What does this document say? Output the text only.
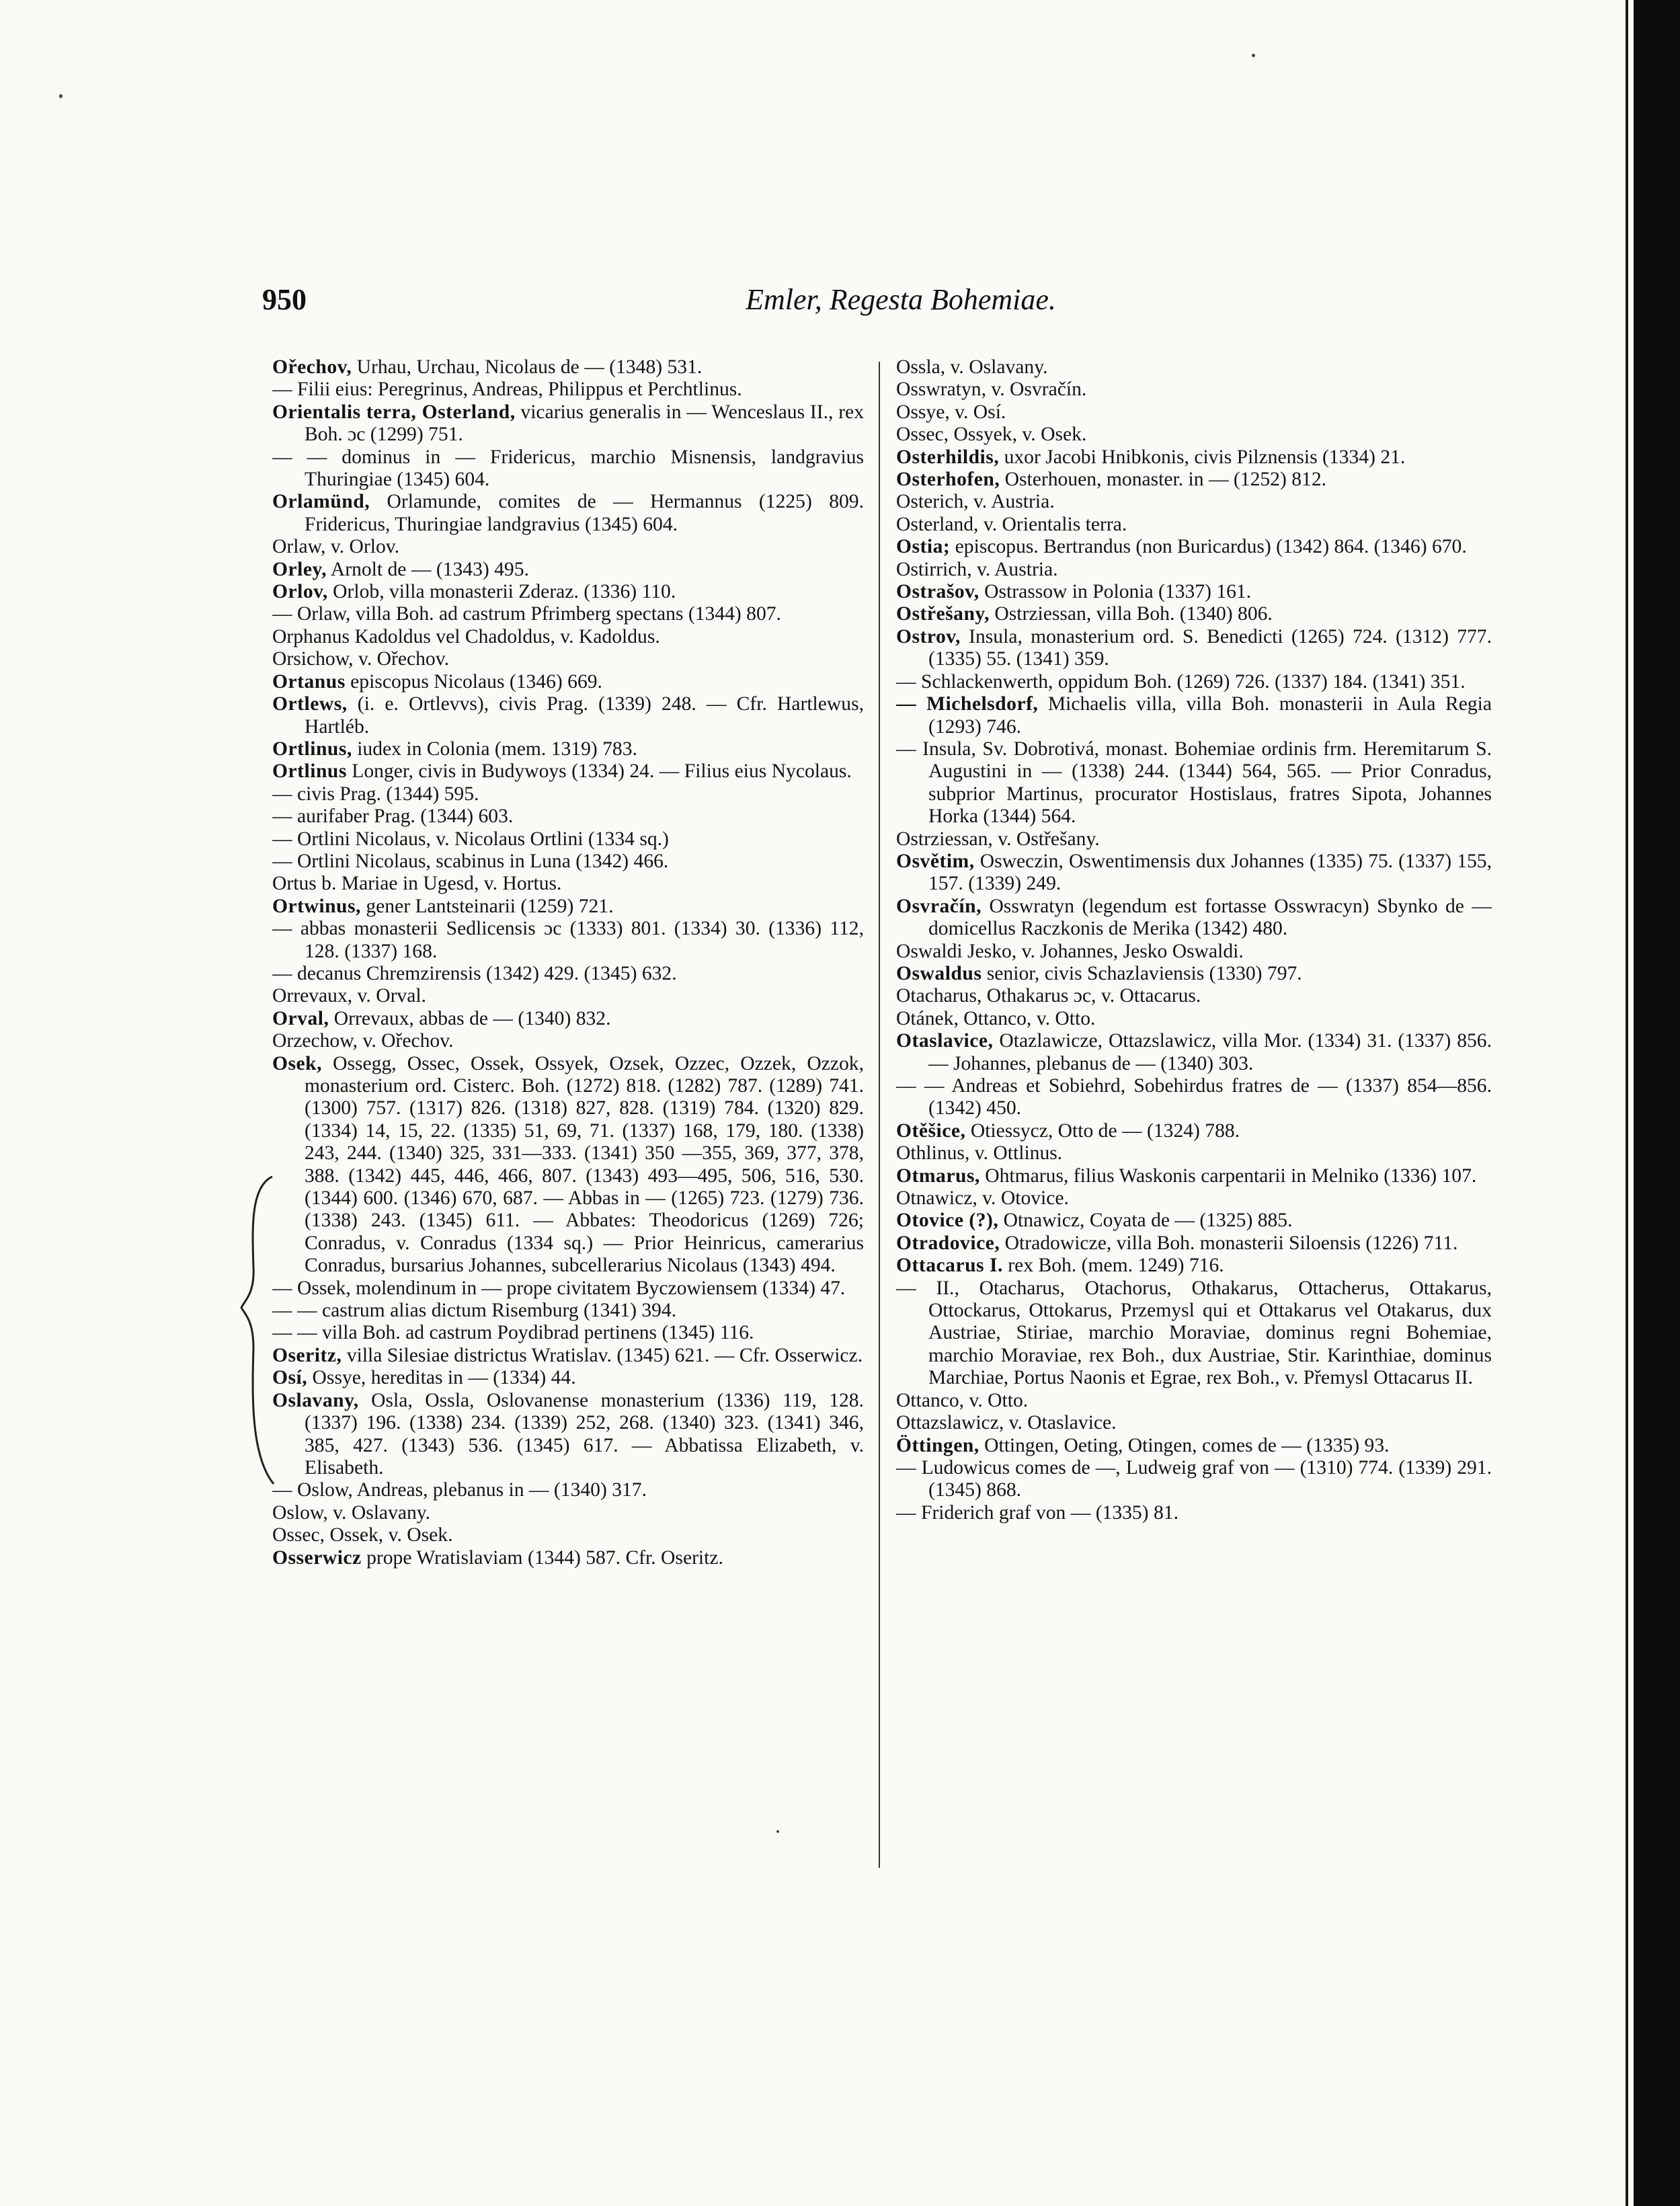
950	Emler, Regesta Bohemiae.

Ořechov, Urhau, Urchau, Nicolaus de — (1348) 531.

— Filii eius: Peregrinus, Andreas, Philippus et Perchtlinus.

Orientalis terra, Osterland, vicarius generalis in — Wenceslaus II., rex Boh. ɔc (1299) 751.

— — dominus in — Fridericus, marchio Misnensis, landgravius Thuringiae (1345) 604.

Orlamünd, Orlamunde, comites de — Hermannus (1225) 809. Fridericus, Thuringiae landgravius (1345) 604.

Orlaw, v. Orlov.

Orley, Arnolt de — (1343) 495.

Orlov, Orlob, villa monasterii Zderaz. (1336) 110.

— Orlaw, villa Boh. ad castrum Pfrimberg spectans (1344) 807.

Orphanus Kadoldus vel Chadoldus, v. Kadoldus.

Orsichow, v. Ořechov.

Ortanus episcopus Nicolaus (1346) 669.

Ortlews, (i. e. Ortlevvs), civis Prag. (1339) 248. — Cfr. Hartlewus, Hartléb.

Ortlinus, iudex in Colonia (mem. 1319) 783.

Ortlinus Longer, civis in Budywoys (1334) 24. — Filius eius Nycolaus.

— civis Prag. (1344) 595.

— aurifaber Prag. (1344) 603.

— Ortlini Nicolaus, v. Nicolaus Ortlini (1334 sq.)

— Ortlini Nicolaus, scabinus in Luna (1342) 466.

Ortus b. Mariae in Ugesd, v. Hortus.

Ortwinus, gener Lantsteinarii (1259) 721.

— abbas monasterii Sedlicensis ɔc (1333) 801. (1334) 30. (1336) 112, 128. (1337) 168.

— decanus Chremzirensis (1342) 429. (1345) 632.

Orrevaux, v. Orval.

Orval, Orrevaux, abbas de — (1340) 832.

Orzechow, v. Ořechov.

Osek, Ossegg, Ossec, Ossek, Ossyek, Ozsek, Ozzec, Ozzek, Ozzok, monasterium ord. Cisterc. Boh. (1272) 818. (1282) 787. (1289) 741. (1300) 757. (1317) 826. (1318) 827, 828. (1319) 784. (1320) 829. (1334) 14, 15, 22. (1335) 51, 69, 71. (1337) 168, 179, 180. (1338) 243, 244. (1340) 325, 331—333. (1341) 350 —355, 369, 377, 378, 388. (1342) 445, 446, 466, 807. (1343) 493—495, 506, 516, 530. (1344) 600. (1346) 670, 687. — Abbas in — (1265) 723. (1279) 736. (1338) 243. (1345) 611. — Abbates: Theodoricus (1269) 726; Conradus, v. Conradus (1334 sq.) — Prior Heinricus, camerarius Conradus, bursarius Johannes, subcellerarius Nicolaus (1343) 494.

— Ossek, molendinum in — prope civitatem Byczowiensem (1334) 47.

— — castrum alias dictum Risemburg (1341) 394.

— — villa Boh. ad castrum Poydibrad pertinens (1345) 116.

Oseritz, villa Silesiae districtus Wratislav. (1345) 621. — Cfr. Osserwicz.

Osí, Ossye, hereditas in — (1334) 44.

Oslavany, Osla, Ossla, Oslovanense monasterium (1336) 119, 128. (1337) 196. (1338) 234. (1339) 252, 268. (1340) 323. (1341) 346, 385, 427. (1343) 536. (1345) 617. — Abbatissa Elizabeth, v. Elisabeth.

— Oslow, Andreas, plebanus in — (1340) 317.

Oslow, v. Oslavany.

Ossec, Ossek, v. Osek.

Osserwicz prope Wratislaviam (1344) 587. Cfr. Oseritz.

Ossla, v. Oslavany.

Osswratyn, v. Osvračín.

Ossye, v. Osí.

Ossec, Ossyek, v. Osek.

Osterhildis, uxor Jacobi Hnibkonis, civis Pilznensis (1334) 21.

Osterhofen, Osterhouen, monaster. in — (1252) 812.

Osterich, v. Austria.

Osterland, v. Orientalis terra.

Ostia; episcopus. Bertrandus (non Buricardus) (1342) 864. (1346) 670.

Ostirrich, v. Austria.

Ostrašov, Ostrassow in Polonia (1337) 161.

Ostřešany, Ostrziessan, villa Boh. (1340) 806.

Ostrov, Insula, monasterium ord. S. Benedicti (1265) 724. (1312) 777. (1335) 55. (1341) 359.

— Schlackenwerth, oppidum Boh. (1269) 726. (1337) 184. (1341) 351.

— Michelsdorf, Michaelis villa, villa Boh. monasterii in Aula Regia (1293) 746.

— Insula, Sv. Dobrotivá, monast. Bohemiae ordinis frm. Heremitarum S. Augustini in — (1338) 244. (1344) 564, 565. — Prior Conradus, subprior Martinus, procurator Hostislaus, fratres Sipota, Johannes Horka (1344) 564.

Ostrziessan, v. Ostřešany.

Osvětim, Osweczin, Oswentimensis dux Johannes (1335) 75. (1337) 155, 157. (1339) 249.

Osvračín, Osswratyn (legendum est fortasse Osswracyn) Sbynko de — domicellus Raczkonis de Merika (1342) 480.

Oswaldi Jesko, v. Johannes, Jesko Oswaldi.

Oswaldus senior, civis Schazlaviensis (1330) 797.

Otacharus, Othakarus ɔc, v. Ottacarus.

Otánek, Ottanco, v. Otto.

Otaslavice, Otazlawicze, Ottazslawicz, villa Mor. (1334) 31. (1337) 856. — Johannes, plebanus de — (1340) 303.

— — Andreas et Sobiehrd, Sobehirdus fratres de — (1337) 854—856. (1342) 450.

Otěšice, Otiessycz, Otto de — (1324) 788.

Othlinus, v. Ottlinus.

Otmarus, Ohtmarus, filius Waskonis carpentarii in Melniko (1336) 107.

Otnawicz, v. Otovice.

Otovice (?), Otnawicz, Coyata de — (1325) 885.

Otradovice, Otradowicze, villa Boh. monasterii Siloensis (1226) 711.

Ottacarus I. rex Boh. (mem. 1249) 716.

— II., Otacharus, Otachorus, Othakarus, Ottacherus, Ottakarus, Ottockarus, Ottokarus, Przemysl qui et Ottakarus vel Otakarus, dux Austriae, Stiriae, marchio Moraviae, dominus regni Bohemiae, marchio Moraviae, rex Boh., dux Austriae, Stir. Karinthiae, dominus Marchiae, Portus Naonis et Egrae, rex Boh., v. Přemysl Ottacarus II.

Ottanco, v. Otto.

Ottazslawicz, v. Otaslavice.

Öttingen, Ottingen, Oeting, Otingen, comes de — (1335) 93.

— Ludowicus comes de —, Ludweig graf von — (1310) 774. (1339) 291. (1345) 868.

— Friderich graf von — (1335) 81.
